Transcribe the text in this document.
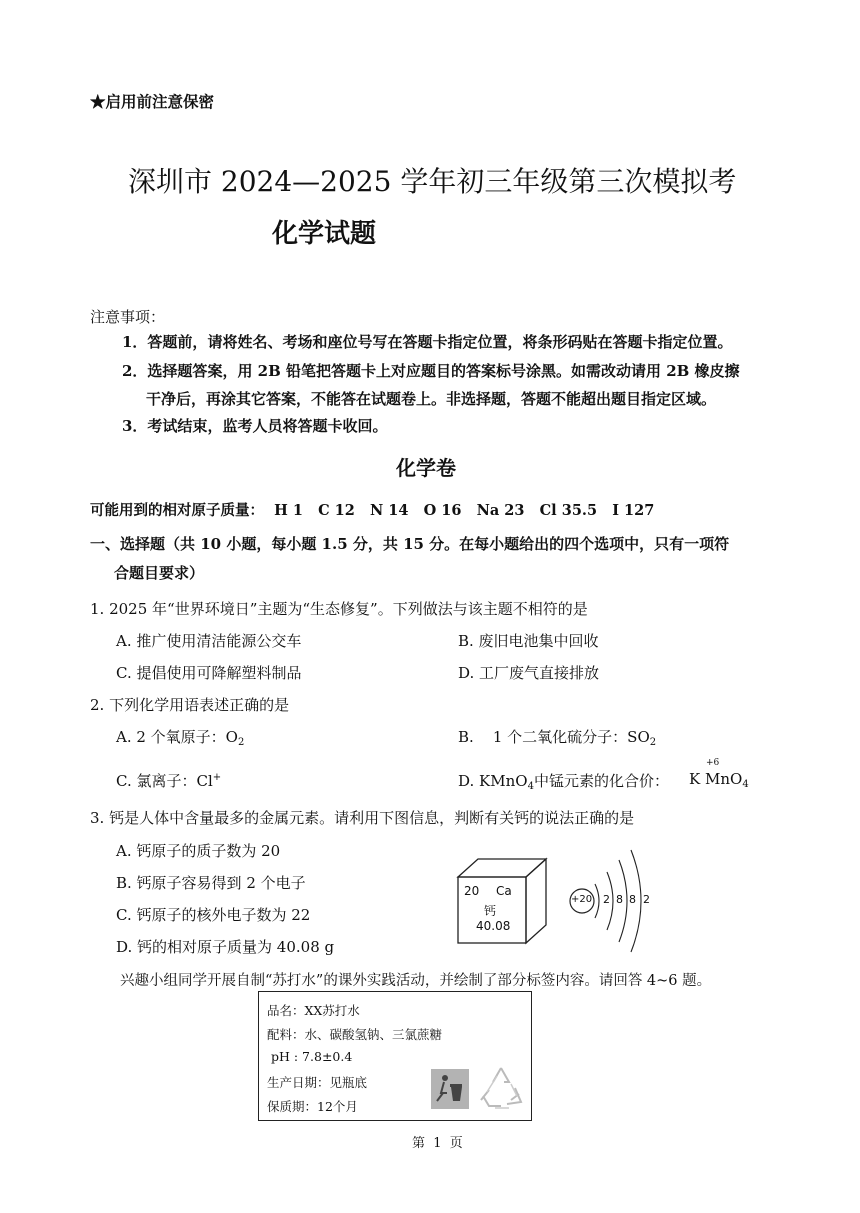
★启用前注意保密
深圳市 2024—2025 学年初三年级第三次模拟考
化学试题
注意事项：
1．答题前，请将姓名、考场和座位号写在答题卡指定位置，将条形码贴在答题卡指定位置。
2．选择题答案，用 2B 铅笔把答题卡上对应题目的答案标号涂黑。如需改动请用 2B 橡皮擦
干净后，再涂其它答案，不能答在试题卷上。非选择题，答题不能超出题目指定区域。
3．考试结束，监考人员将答题卡收回。
化学卷
可能用到的相对原子质量：  H 1   C 12   N 14   O 16   Na 23   Cl 35.5   I 127
一、选择题（共 10 小题，每小题 1.5 分，共 15 分。在每小题给出的四个选项中，只有一项符
合题目要求）
1. 2025 年“世界环境日”主题为“生态修复”。下列做法与该主题不相符的是
A. 推广使用清洁能源公交车	B. 废旧电池集中回收
C. 提倡使用可降解塑料制品	D. 工厂废气直接排放
2. 下列化学用语表述正确的是
A. 2 个氧原子：$O_2$	B.    1 个二氧化硫分子：$SO_2$
C. 氯离子：Cl+	D. KMnO$_4$中锰元素的化合价： K
+6
MnO$_4$
3. 钙是人体中含量最多的金属元素。请利用下图信息，判断有关钙的说法正确的是
A. 钙原子的质子数为 20
B. 钙原子容易得到 2 个电子
C. 钙原子的核外电子数为 22
D. 钙的相对原子质量为 40.08 g
20 Ca
钙
40.08
+20 2 8 8 2
兴趣小组同学开展自制“苏打水”的课外实践活动，并绘制了部分标签内容。请回答 4~6 题。
品名：XX苏打水
配料：水、碳酸氢钠、三氯蔗糖
pH : 7.8±0.4
生产日期：见瓶底
保质期：12个月
第  1  页
